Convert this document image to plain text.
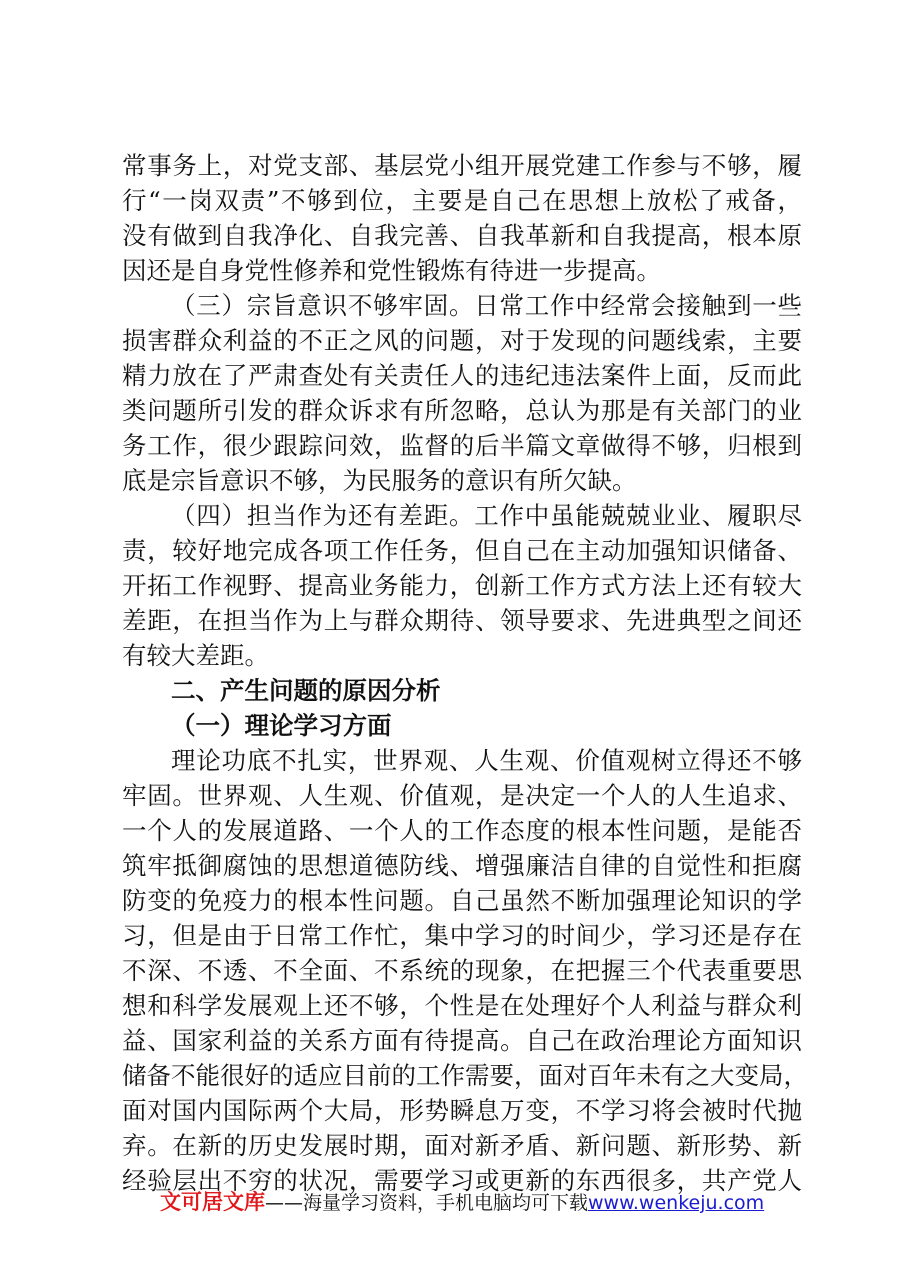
常事务上，对党支部、基层党小组开展党建工作参与不够，履
行“一岗双责”不够到位，主要是自己在思想上放松了戒备，
没有做到自我净化、自我完善、自我革新和自我提高，根本原
因还是自身党性修养和党性锻炼有待进一步提高。
（三）宗旨意识不够牢固。日常工作中经常会接触到一些
损害群众利益的不正之风的问题，对于发现的问题线索，主要
精力放在了严肃查处有关责任人的违纪违法案件上面，反而此
类问题所引发的群众诉求有所忽略，总认为那是有关部门的业
务工作，很少跟踪问效，监督的后半篇文章做得不够，归根到
底是宗旨意识不够，为民服务的意识有所欠缺。
（四）担当作为还有差距。工作中虽能兢兢业业、履职尽
责，较好地完成各项工作任务，但自己在主动加强知识储备、
开拓工作视野、提高业务能力，创新工作方式方法上还有较大
差距，在担当作为上与群众期待、领导要求、先进典型之间还
有较大差距。
二、产生问题的原因分析
（一）理论学习方面
理论功底不扎实，世界观、人生观、价值观树立得还不够
牢固。世界观、人生观、价值观，是决定一个人的人生追求、
一个人的发展道路、一个人的工作态度的根本性问题，是能否
筑牢抵御腐蚀的思想道德防线、增强廉洁自律的自觉性和拒腐
防变的免疫力的根本性问题。自己虽然不断加强理论知识的学
习，但是由于日常工作忙，集中学习的时间少，学习还是存在
不深、不透、不全面、不系统的现象，在把握三个代表重要思
想和科学发展观上还不够，个性是在处理好个人利益与群众利
益、国家利益的关系方面有待提高。自己在政治理论方面知识
储备不能很好的适应目前的工作需要，面对百年未有之大变局，
面对国内国际两个大局，形势瞬息万变，不学习将会被时代抛
弃。在新的历史发展时期，面对新矛盾、新问题、新形势、新
经验层出不穷的状况，需要学习或更新的东西很多，共产党人
文可居文库——海量学习资料，手机电脑均可下载www.wenkeju.com
